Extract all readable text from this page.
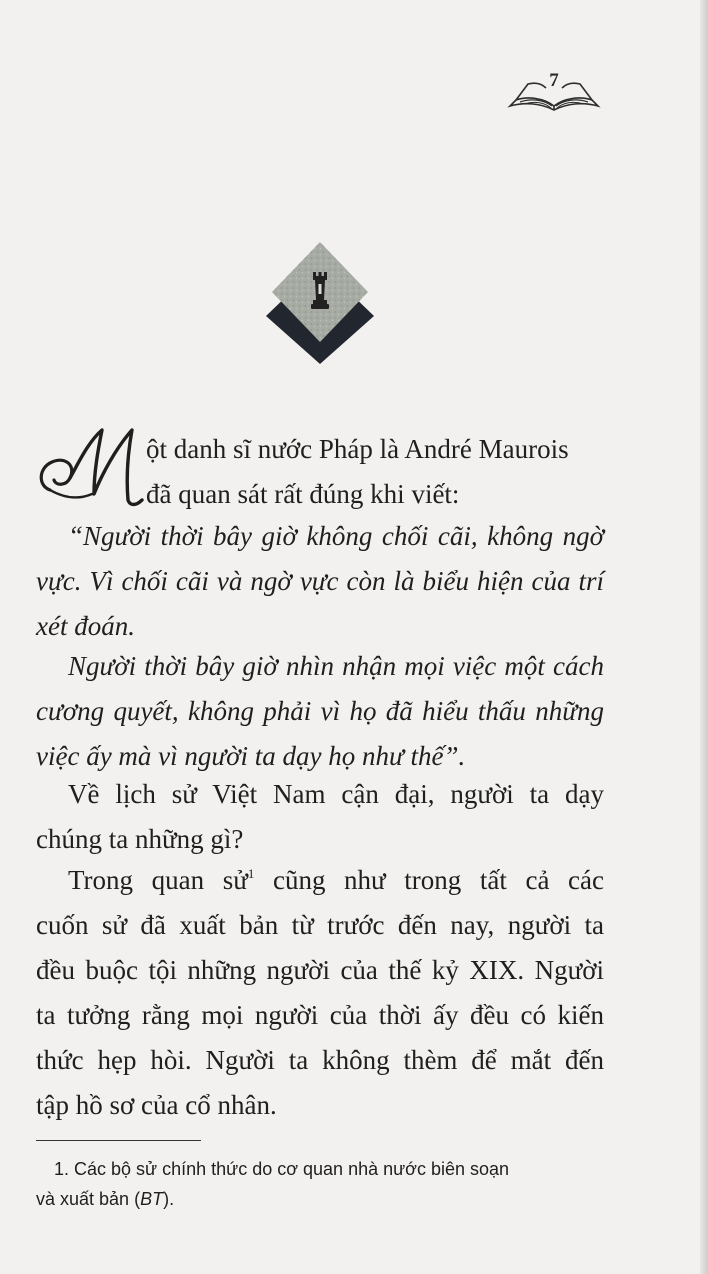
7
ột danh sĩ nước Pháp là André Maurois
đã quan sát rất đúng khi viết:
“Người thời bây giờ không chối cãi, không ngờ
vực. Vì chối cãi và ngờ vực còn là biểu hiện của trí
xét đoán.
Người thời bây giờ nhìn nhận mọi việc một cách
cương quyết, không phải vì họ đã hiểu thấu những
việc ấy mà vì người ta dạy họ như thế”.
Về lịch sử Việt Nam cận đại, người ta dạy
chúng ta những gì?
Trong quan sử$^1$ cũng như trong tất cả các
cuốn sử đã xuất bản từ trước đến nay, người ta
đều buộc tội những người của thế kỷ XIX. Người
ta tưởng rằng mọi người của thời ấy đều có kiến
thức hẹp hòi. Người ta không thèm để mắt đến
tập hồ sơ của cổ nhân.
1. Các bộ sử chính thức do cơ quan nhà nước biên soạn
và xuất bản (BT).
